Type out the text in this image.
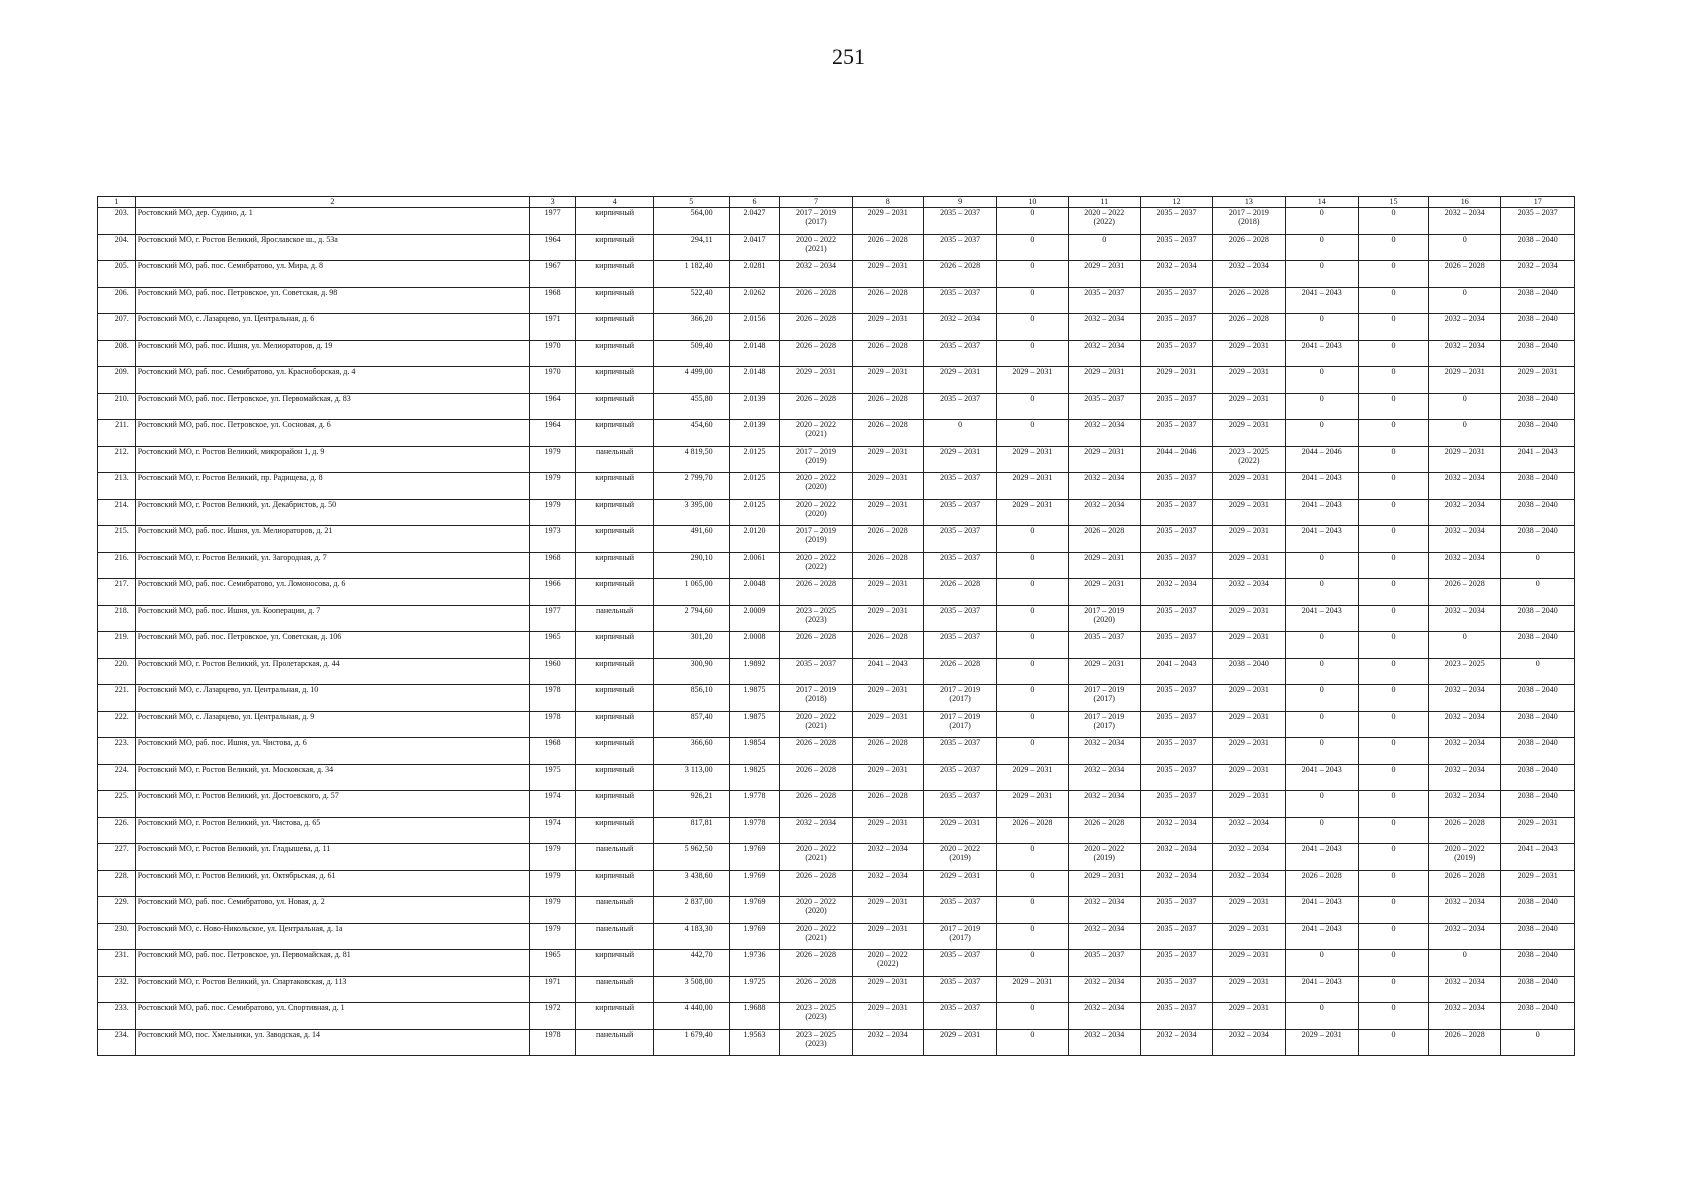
251
1	2	3	4	5	6	7	8	9	10	11	12	13	14	15	16	17

203.	Ростовский МО, дер. Судино, д. 1	1977	кирпичный	564,00	2.0427	2017 – 2019
(2017)	2029 – 2031	2035 – 2037	0	2020 – 2022
(2022)	2035 – 2037	2017 – 2019
(2018)	0	0	2032 – 2034	2035 – 2037

204.	Ростовский МО, г. Ростов Великий, Ярославское ш., д. 53а	1964	кирпичный	294,11	2.0417	2020 – 2022
(2021)	2026 – 2028	2035 – 2037	0	0	2035 – 2037	2026 – 2028	0	0	0	2038 – 2040

205.	Ростовский МО, раб. пос. Семибратово, ул. Мира, д. 8	1967	кирпичный	1 182,40	2.0281	2032 – 2034	2029 – 2031	2026 – 2028	0	2029 – 2031	2032 – 2034	2032 – 2034	0	0	2026 – 2028	2032 – 2034

206.	Ростовский МО, раб. пос. Петровское, ул. Советская, д. 98	1968	кирпичный	522,40	2.0262	2026 – 2028	2026 – 2028	2035 – 2037	0	2035 – 2037	2035 – 2037	2026 – 2028	2041 – 2043	0	0	2038 – 2040

207.	Ростовский МО, с. Лазарцево, ул. Центральная, д. 6	1971	кирпичный	366,20	2.0156	2026 – 2028	2029 – 2031	2032 – 2034	0	2032 – 2034	2035 – 2037	2026 – 2028	0	0	2032 – 2034	2038 – 2040

208.	Ростовский МО, раб. пос. Ишня, ул. Мелиораторов, д. 19	1970	кирпичный	509,40	2.0148	2026 – 2028	2026 – 2028	2035 – 2037	0	2032 – 2034	2035 – 2037	2029 – 2031	2041 – 2043	0	2032 – 2034	2038 – 2040

209.	Ростовский МО, раб. пос. Семибратово, ул. Красноборская, д. 4	1970	кирпичный	4 499,00	2.0148	2029 – 2031	2029 – 2031	2029 – 2031	2029 – 2031	2029 – 2031	2029 – 2031	2029 – 2031	0	0	2029 – 2031	2029 – 2031

210.	Ростовский МО, раб. пос. Петровское, ул. Первомайская, д. 83	1964	кирпичный	455,80	2.0139	2026 – 2028	2026 – 2028	2035 – 2037	0	2035 – 2037	2035 – 2037	2029 – 2031	0	0	0	2038 – 2040

211.	Ростовский МО, раб. пос. Петровское, ул. Сосновая, д. 6	1964	кирпичный	454,60	2.0139	2020 – 2022
(2021)	2026 – 2028	0	0	2032 – 2034	2035 – 2037	2029 – 2031	0	0	0	2038 – 2040

212.	Ростовский МО, г. Ростов Великий, микрорайон 1, д. 9	1979	панельный	4 819,50	2.0125	2017 – 2019
(2019)	2029 – 2031	2029 – 2031	2029 – 2031	2029 – 2031	2044 – 2046	2023 – 2025
(2022)	2044 – 2046	0	2029 – 2031	2041 – 2043

213.	Ростовский МО, г. Ростов Великий, пр. Радищева, д. 8	1979	кирпичный	2 799,70	2.0125	2020 – 2022
(2020)	2029 – 2031	2035 – 2037	2029 – 2031	2032 – 2034	2035 – 2037	2029 – 2031	2041 – 2043	0	2032 – 2034	2038 – 2040

214.	Ростовский МО, г. Ростов Великий, ул. Декабристов, д. 50	1979	кирпичный	3 395,00	2.0125	2020 – 2022
(2020)	2029 – 2031	2035 – 2037	2029 – 2031	2032 – 2034	2035 – 2037	2029 – 2031	2041 – 2043	0	2032 – 2034	2038 – 2040

215.	Ростовский МО, раб. пос. Ишня, ул. Мелиораторов, д. 21	1973	кирпичный	491,60	2.0120	2017 – 2019
(2019)	2026 – 2028	2035 – 2037	0	2026 – 2028	2035 – 2037	2029 – 2031	2041 – 2043	0	2032 – 2034	2038 – 2040

216.	Ростовский МО, г. Ростов Великий, ул. Загородная, д. 7	1968	кирпичный	290,10	2.0061	2020 – 2022
(2022)	2026 – 2028	2035 – 2037	0	2029 – 2031	2035 – 2037	2029 – 2031	0	0	2032 – 2034	0

217.	Ростовский МО, раб. пос. Семибратово, ул. Ломоносова, д. 6	1966	кирпичный	1 065,00	2.0048	2026 – 2028	2029 – 2031	2026 – 2028	0	2029 – 2031	2032 – 2034	2032 – 2034	0	0	2026 – 2028	0

218.	Ростовский МО, раб. пос. Ишня, ул. Кооперации, д. 7	1977	панельный	2 794,60	2.0009	2023 – 2025
(2023)	2029 – 2031	2035 – 2037	0	2017 – 2019
(2020)	2035 – 2037	2029 – 2031	2041 – 2043	0	2032 – 2034	2038 – 2040

219.	Ростовский МО, раб. пос. Петровское, ул. Советская, д. 106	1965	кирпичный	301,20	2.0008	2026 – 2028	2026 – 2028	2035 – 2037	0	2035 – 2037	2035 – 2037	2029 – 2031	0	0	0	2038 – 2040

220.	Ростовский МО, г. Ростов Великий, ул. Пролетарская, д. 44	1960	кирпичный	300,90	1.9892	2035 – 2037	2041 – 2043	2026 – 2028	0	2029 – 2031	2041 – 2043	2038 – 2040	0	0	2023 – 2025	0

221.	Ростовский МО, с. Лазарцево, ул. Центральная, д. 10	1978	кирпичный	856,10	1.9875	2017 – 2019
(2018)	2029 – 2031	2017 – 2019
(2017)	0	2017 – 2019
(2017)	2035 – 2037	2029 – 2031	0	0	2032 – 2034	2038 – 2040

222.	Ростовский МО, с. Лазарцево, ул. Центральная, д. 9	1978	кирпичный	857,40	1.9875	2020 – 2022
(2021)	2029 – 2031	2017 – 2019
(2017)	0	2017 – 2019
(2017)	2035 – 2037	2029 – 2031	0	0	2032 – 2034	2038 – 2040

223.	Ростовский МО, раб. пос. Ишня, ул. Чистова, д. 6	1968	кирпичный	366,60	1.9854	2026 – 2028	2026 – 2028	2035 – 2037	0	2032 – 2034	2035 – 2037	2029 – 2031	0	0	2032 – 2034	2038 – 2040

224.	Ростовский МО, г. Ростов Великий, ул. Московская, д. 34	1975	кирпичный	3 113,00	1.9825	2026 – 2028	2029 – 2031	2035 – 2037	2029 – 2031	2032 – 2034	2035 – 2037	2029 – 2031	2041 – 2043	0	2032 – 2034	2038 – 2040

225.	Ростовский МО, г. Ростов Великий, ул. Достоевского, д. 57	1974	кирпичный	926,21	1.9778	2026 – 2028	2026 – 2028	2035 – 2037	2029 – 2031	2032 – 2034	2035 – 2037	2029 – 2031	0	0	2032 – 2034	2038 – 2040

226.	Ростовский МО, г. Ростов Великий, ул. Чистова, д. 65	1974	кирпичный	817,81	1.9778	2032 – 2034	2029 – 2031	2029 – 2031	2026 – 2028	2026 – 2028	2032 – 2034	2032 – 2034	0	0	2026 – 2028	2029 – 2031

227.	Ростовский МО, г. Ростов Великий, ул. Гладышева, д. 11	1979	панельный	5 962,50	1.9769	2020 – 2022
(2021)	2032 – 2034	2020 – 2022
(2019)	0	2020 – 2022
(2019)	2032 – 2034	2032 – 2034	2041 – 2043	0	2020 – 2022
(2019)	2041 – 2043

228.	Ростовский МО, г. Ростов Великий, ул. Октябрьская, д. 61	1979	кирпичный	3 438,60	1.9769	2026 – 2028	2032 – 2034	2029 – 2031	0	2029 – 2031	2032 – 2034	2032 – 2034	2026 – 2028	0	2026 – 2028	2029 – 2031

229.	Ростовский МО, раб. пос. Семибратово, ул. Новая, д. 2	1979	панельный	2 837,00	1.9769	2020 – 2022
(2020)	2029 – 2031	2035 – 2037	0	2032 – 2034	2035 – 2037	2029 – 2031	2041 – 2043	0	2032 – 2034	2038 – 2040

230.	Ростовский МО, с. Ново-Никольское, ул. Центральная, д. 1а	1979	панельный	4 183,30	1.9769	2020 – 2022
(2021)	2029 – 2031	2017 – 2019
(2017)	0	2032 – 2034	2035 – 2037	2029 – 2031	2041 – 2043	0	2032 – 2034	2038 – 2040

231.	Ростовский МО, раб. пос. Петровское, ул. Первомайская, д. 81	1965	кирпичный	442,70	1.9736	2026 – 2028	2020 – 2022
(2022)	2035 – 2037	0	2035 – 2037	2035 – 2037	2029 – 2031	0	0	0	2038 – 2040

232.	Ростовский МО, г. Ростов Великий, ул. Спартаковская, д. 113	1971	панельный	3 508,00	1.9725	2026 – 2028	2029 – 2031	2035 – 2037	2029 – 2031	2032 – 2034	2035 – 2037	2029 – 2031	2041 – 2043	0	2032 – 2034	2038 – 2040

233.	Ростовский МО, раб. пос. Семибратово, ул. Спортивная, д. 1	1972	кирпичный	4 440,00	1.9688	2023 – 2025
(2023)	2029 – 2031	2035 – 2037	0	2032 – 2034	2035 – 2037	2029 – 2031	0	0	2032 – 2034	2038 – 2040

234.	Ростовский МО, пос. Хмельники, ул. Заводская, д. 14	1978	панельный	1 679,40	1.9563	2023 – 2025
(2023)	2032 – 2034	2029 – 2031	0	2032 – 2034	2032 – 2034	2032 – 2034	2029 – 2031	0	2026 – 2028	0
